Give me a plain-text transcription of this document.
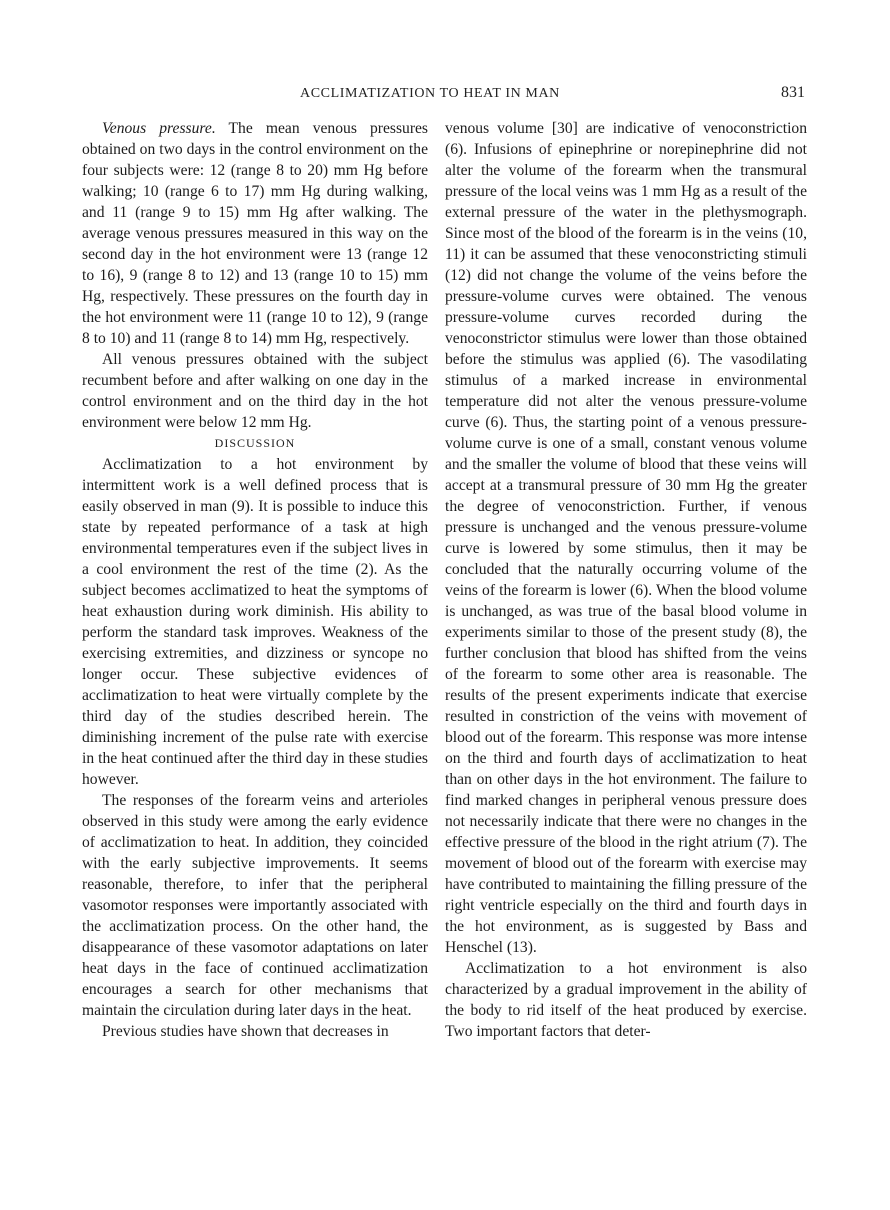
ACCLIMATIZATION TO HEAT IN MAN	831

Venous pressure. The mean venous pressures obtained on two days in the control environment on the four subjects were: 12 (range 8 to 20) mm Hg before walking; 10 (range 6 to 17) mm Hg during walking, and 11 (range 9 to 15) mm Hg after walking. The average venous pressures measured in this way on the second day in the hot environment were 13 (range 12 to 16), 9 (range 8 to 12) and 13 (range 10 to 15) mm Hg, respectively. These pressures on the fourth day in the hot environment were 11 (range 10 to 12), 9 (range 8 to 10) and 11 (range 8 to 14) mm Hg, respectively.

All venous pressures obtained with the subject recumbent before and after walking on one day in the control environment and on the third day in the hot environment were below 12 mm Hg.

DISCUSSION

Acclimatization to a hot environment by intermittent work is a well defined process that is easily observed in man (9). It is possible to induce this state by repeated performance of a task at high environmental temperatures even if the subject lives in a cool environment the rest of the time (2). As the subject becomes acclimatized to heat the symptoms of heat exhaustion during work diminish. His ability to perform the standard task improves. Weakness of the exercising extremities, and dizziness or syncope no longer occur. These subjective evidences of acclimatization to heat were virtually complete by the third day of the studies described herein. The diminishing increment of the pulse rate with exercise in the heat continued after the third day in these studies however.

The responses of the forearm veins and arterioles observed in this study were among the early evidence of acclimatization to heat. In addition, they coincided with the early subjective improvements. It seems reasonable, therefore, to infer that the peripheral vasomotor responses were importantly associated with the acclimatization process. On the other hand, the disappearance of these vasomotor adaptations on later heat days in the face of continued acclimatization encourages a search for other mechanisms that maintain the circulation during later days in the heat.

Previous studies have shown that decreases in

venous volume [30] are indicative of venoconstriction (6). Infusions of epinephrine or norepinephrine did not alter the volume of the forearm when the transmural pressure of the local veins was 1 mm Hg as a result of the external pressure of the water in the plethysmograph. Since most of the blood of the forearm is in the veins (10, 11) it can be assumed that these venoconstricting stimuli (12) did not change the volume of the veins before the pressure-volume curves were obtained. The venous pressure-volume curves recorded during the venoconstrictor stimulus were lower than those obtained before the stimulus was applied (6). The vasodilating stimulus of a marked increase in environmental temperature did not alter the venous pressure-volume curve (6). Thus, the starting point of a venous pressure-volume curve is one of a small, constant venous volume and the smaller the volume of blood that these veins will accept at a transmural pressure of 30 mm Hg the greater the degree of venoconstriction. Further, if venous pressure is unchanged and the venous pressure-volume curve is lowered by some stimulus, then it may be concluded that the naturally occurring volume of the veins of the forearm is lower (6). When the blood volume is unchanged, as was true of the basal blood volume in experiments similar to those of the present study (8), the further conclusion that blood has shifted from the veins of the forearm to some other area is reasonable. The results of the present experiments indicate that exercise resulted in constriction of the veins with movement of blood out of the forearm. This response was more intense on the third and fourth days of acclimatization to heat than on other days in the hot environment. The failure to find marked changes in peripheral venous pressure does not necessarily indicate that there were no changes in the effective pressure of the blood in the right atrium (7). The movement of blood out of the forearm with exercise may have contributed to maintaining the filling pressure of the right ventricle especially on the third and fourth days in the hot environment, as is suggested by Bass and Henschel (13).

Acclimatization to a hot environment is also characterized by a gradual improvement in the ability of the body to rid itself of the heat produced by exercise. Two important factors that deter-
